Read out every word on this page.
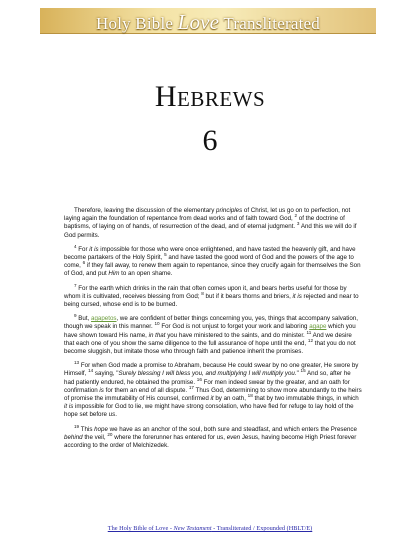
Holy Bible Love Transliterated
Hebrews
6

Therefore, leaving the discussion of the elementary principles of Christ, let us go on to perfection, not laying again the foundation of repentance from dead works and of faith toward God, $^2$ of the doctrine of baptisms, of laying on of hands, of resurrection of the dead, and of eternal judgment. $^3$ And this we will do if God permits.

$^4$ For it is impossible for those who were once enlightened, and have tasted the heavenly gift, and have become partakers of the Holy Spirit, $^5$ and have tasted the good word of God and the powers of the age to come, $^6$ if they fall away, to renew them again to repentance, since they crucify again for themselves the Son of God, and put Him to an open shame.

$^7$ For the earth which drinks in the rain that often comes upon it, and bears herbs useful for those by whom it is cultivated, receives blessing from God; $^8$ but if it bears thorns and briers, it is rejected and near to being cursed, whose end is to be burned.

$^9$ But, agapetos, we are confident of better things concerning you, yes, things that accompany salvation, though we speak in this manner. $^{10}$ For God is not unjust to forget your work and laboring agape which you have shown toward His name, in that you have ministered to the saints, and do minister. $^{11}$ And we desire that each one of you show the same diligence to the full assurance of hope until the end, $^{12}$ that you do not become sluggish, but imitate those who through faith and patience inherit the promises.

$^{13}$ For when God made a promise to Abraham, because He could swear by no one greater, He swore by Himself, $^{14}$ saying, "Surely blessing I will bless you, and multiplying I will multiply you." $^{15}$ And so, after he had patiently endured, he obtained the promise. $^{16}$ For men indeed swear by the greater, and an oath for confirmation is for them an end of all dispute. $^{17}$ Thus God, determining to show more abundantly to the heirs of promise the immutability of His counsel, confirmed it by an oath, $^{18}$ that by two immutable things, in which it is impossible for God to lie, we might have strong consolation, who have fled for refuge to lay hold of the hope set before us.

$^{19}$ This hope we have as an anchor of the soul, both sure and steadfast, and which enters the Presence behind the veil, $^{20}$ where the forerunner has entered for us, even Jesus, having become High Priest forever according to the order of Melchizedek.

The Holy Bible of Love - New Testament - Transliterated / Expounded (HBLT/E)
